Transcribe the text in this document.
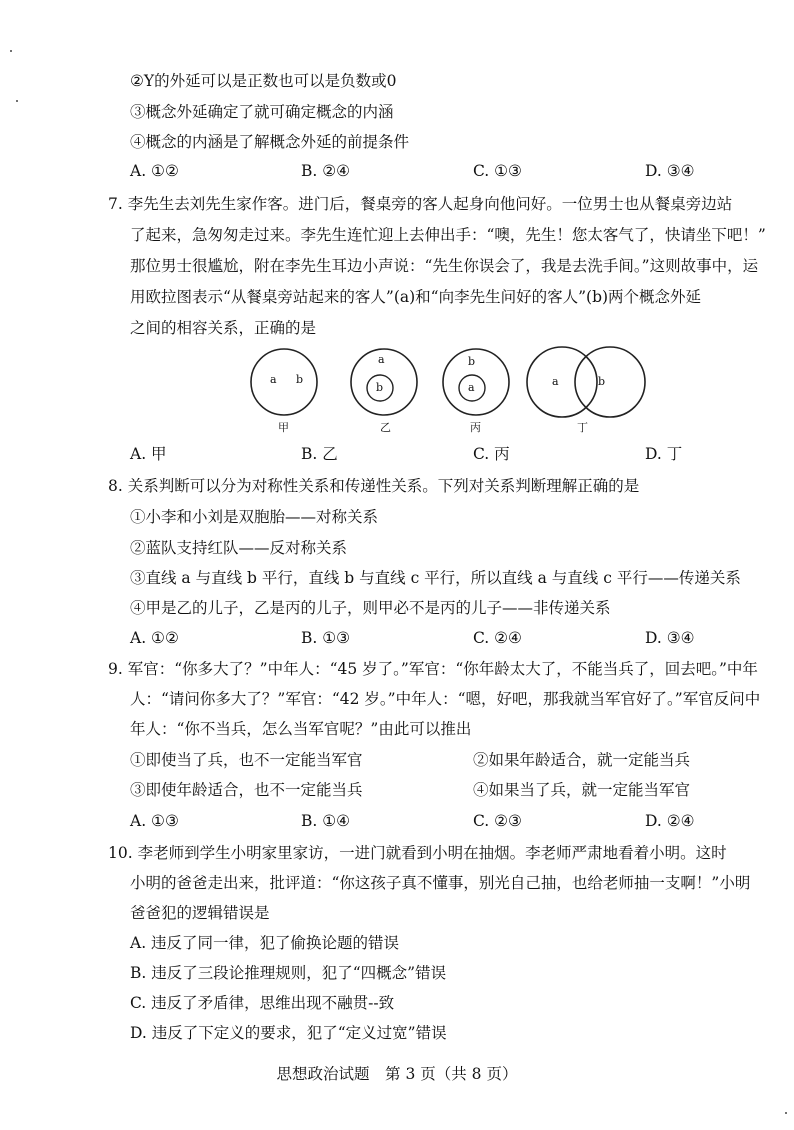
②Y的外延可以是正数也可以是负数或0
③概念外延确定了就可确定概念的内涵
④概念的内涵是了解概念外延的前提条件
A. ①②	B. ②④	C. ①③	D. ③④
7. 李先生去刘先生家作客。进门后，餐桌旁的客人起身向他问好。一位男士也从餐桌旁边站
了起来，急匆匆走过来。李先生连忙迎上去伸出手：“噢，先生！您太客气了，快请坐下吧！”
那位男士很尴尬，附在李先生耳边小声说：“先生你误会了，我是去洗手间。”这则故事中，运
用欧拉图表示“从餐桌旁站起来的客人”(a)和“向李先生问好的客人”(b)两个概念外延
之间的相容关系，正确的是
a b
甲
a
b
乙
b
a
丙
a	b
丁
A. 甲	B. 乙	C. 丙	D. 丁
8. 关系判断可以分为对称性关系和传递性关系。下列对关系判断理解正确的是
①小李和小刘是双胞胎——对称关系
②蓝队支持红队——反对称关系
③直线 a 与直线 b 平行，直线 b 与直线 c 平行，所以直线 a 与直线 c 平行——传递关系
④甲是乙的儿子，乙是丙的儿子，则甲必不是丙的儿子——非传递关系
A. ①②	B. ①③	C. ②④	D. ③④
9. 军官：“你多大了？”中年人：“45 岁了。”军官：“你年龄太大了，不能当兵了，回去吧。”中年
人：“请问你多大了？”军官：“42 岁。”中年人：“嗯，好吧，那我就当军官好了。”军官反问中
年人：“你不当兵，怎么当军官呢？”由此可以推出
①即使当了兵，也不一定能当军官	②如果年龄适合，就一定能当兵
③即使年龄适合，也不一定能当兵	④如果当了兵，就一定能当军官
A. ①③	B. ①④	C. ②③	D. ②④
10. 李老师到学生小明家里家访，一进门就看到小明在抽烟。李老师严肃地看着小明。这时
小明的爸爸走出来，批评道：“你这孩子真不懂事，别光自己抽，也给老师抽一支啊！”小明
爸爸犯的逻辑错误是
A. 违反了同一律，犯了偷换论题的错误
B. 违反了三段论推理规则，犯了“四概念”错误
C. 违反了矛盾律，思维出现不融贯--致
D. 违反了下定义的要求，犯了“定义过宽”错误
思想政治试题　第 3 页（共 8 页）
